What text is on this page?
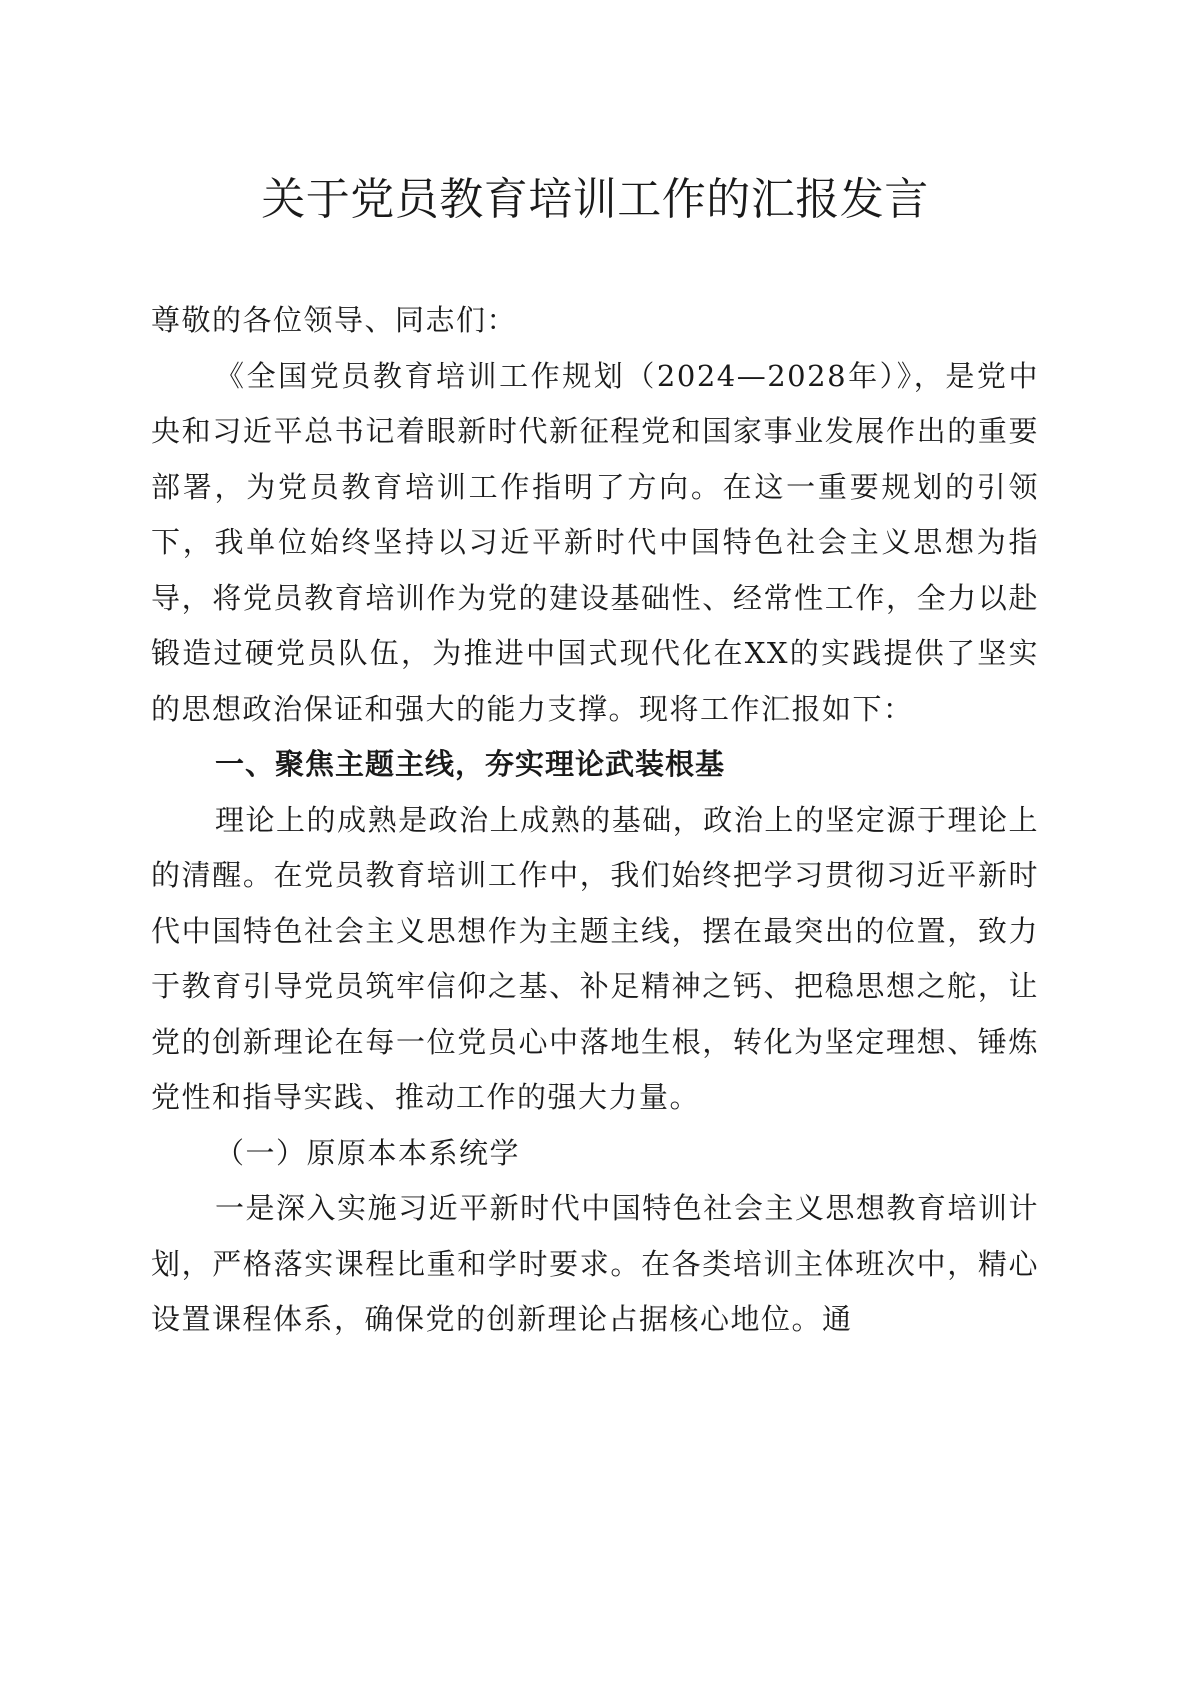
关于党员教育培训工作的汇报发言

尊敬的各位领导、同志们：

《全国党员教育培训工作规划（2024—2028年）》，是党中央和习近平总书记着眼新时代新征程党和国家事业发展作出的重要部署，为党员教育培训工作指明了方向。在这一重要规划的引领下，我单位始终坚持以习近平新时代中国特色社会主义思想为指导，将党员教育培训作为党的建设基础性、经常性工作，全力以赴锻造过硬党员队伍，为推进中国式现代化在XX的实践提供了坚实的思想政治保证和强大的能力支撑。现将工作汇报如下：

一、聚焦主题主线，夯实理论武装根基

理论上的成熟是政治上成熟的基础，政治上的坚定源于理论上的清醒。在党员教育培训工作中，我们始终把学习贯彻习近平新时代中国特色社会主义思想作为主题主线，摆在最突出的位置，致力于教育引导党员筑牢信仰之基、补足精神之钙、把稳思想之舵，让党的创新理论在每一位党员心中落地生根，转化为坚定理想、锤炼党性和指导实践、推动工作的强大力量。

（一）原原本本系统学

一是深入实施习近平新时代中国特色社会主义思想教育培训计划，严格落实课程比重和学时要求。在各类培训主体班次中，精心设置课程体系，确保党的创新理论占据核心地位。通
